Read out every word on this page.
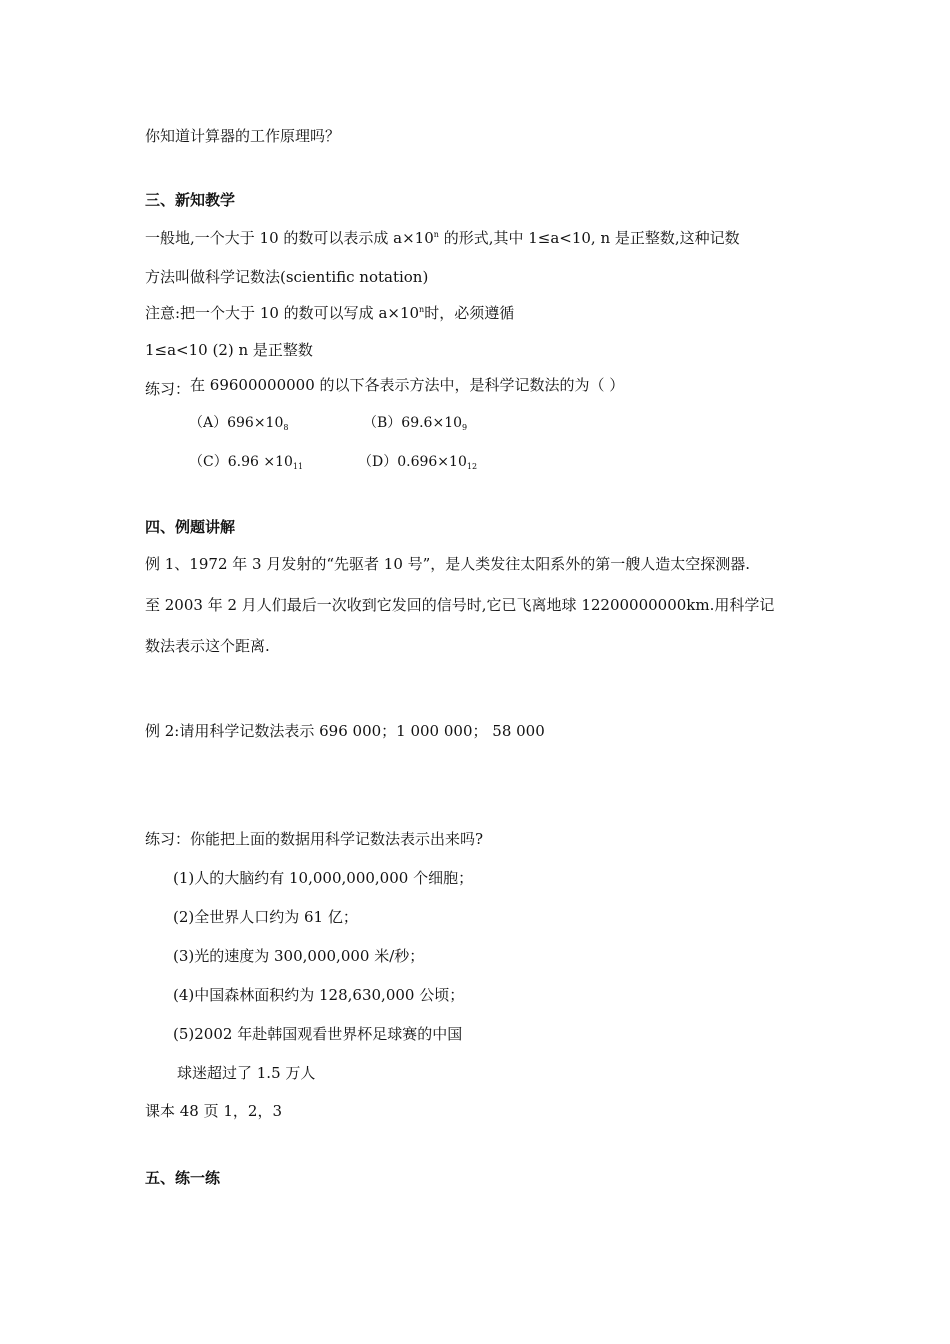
你知道计算器的工作原理吗？
三、新知教学
一般地,一个大于 10 的数可以表示成 $a\times 10^n$ 的形式,其中 1≤a<10, n 是正整数,这种记数
方法叫做科学记数法(scientific notation)
注意:把一个大于 10 的数可以写成 $a\times 10^n$时，必须遵循
1≤a<10 (2) n 是正整数
练习：在 69600000000 的以下各表示方法中，是科学记数法的为（ ）
$(A)696\times 10_8$	$(B)69.6\times 10_9$
$(C)6.96 \times 10_{11}$	$(D)0.696\times 10_{12}$
四、例题讲解
例 1、1972 年 3 月发射的“先驱者 10 号”，是人类发往太阳系外的第一艘人造太空探测器.
至 2003 年 2 月人们最后一次收到它发回的信号时,它已飞离地球 12200000000km.用科学记
数法表示这个距离.
例 2:请用科学记数法表示 696 000；1 000 000； 58 000
练习：你能把上面的数据用科学记数法表示出来吗?
(1)人的大脑约有 10,000,000,000 个细胞；
(2)全世界人口约为 61 亿；
(3)光的速度为 300,000,000 米/秒；
(4)中国森林面积约为 128,630,000 公顷；
(5)2002 年赴韩国观看世界杯足球赛的中国
球迷超过了 1.5 万人
课本 48 页 1，2，3
五、练一练
